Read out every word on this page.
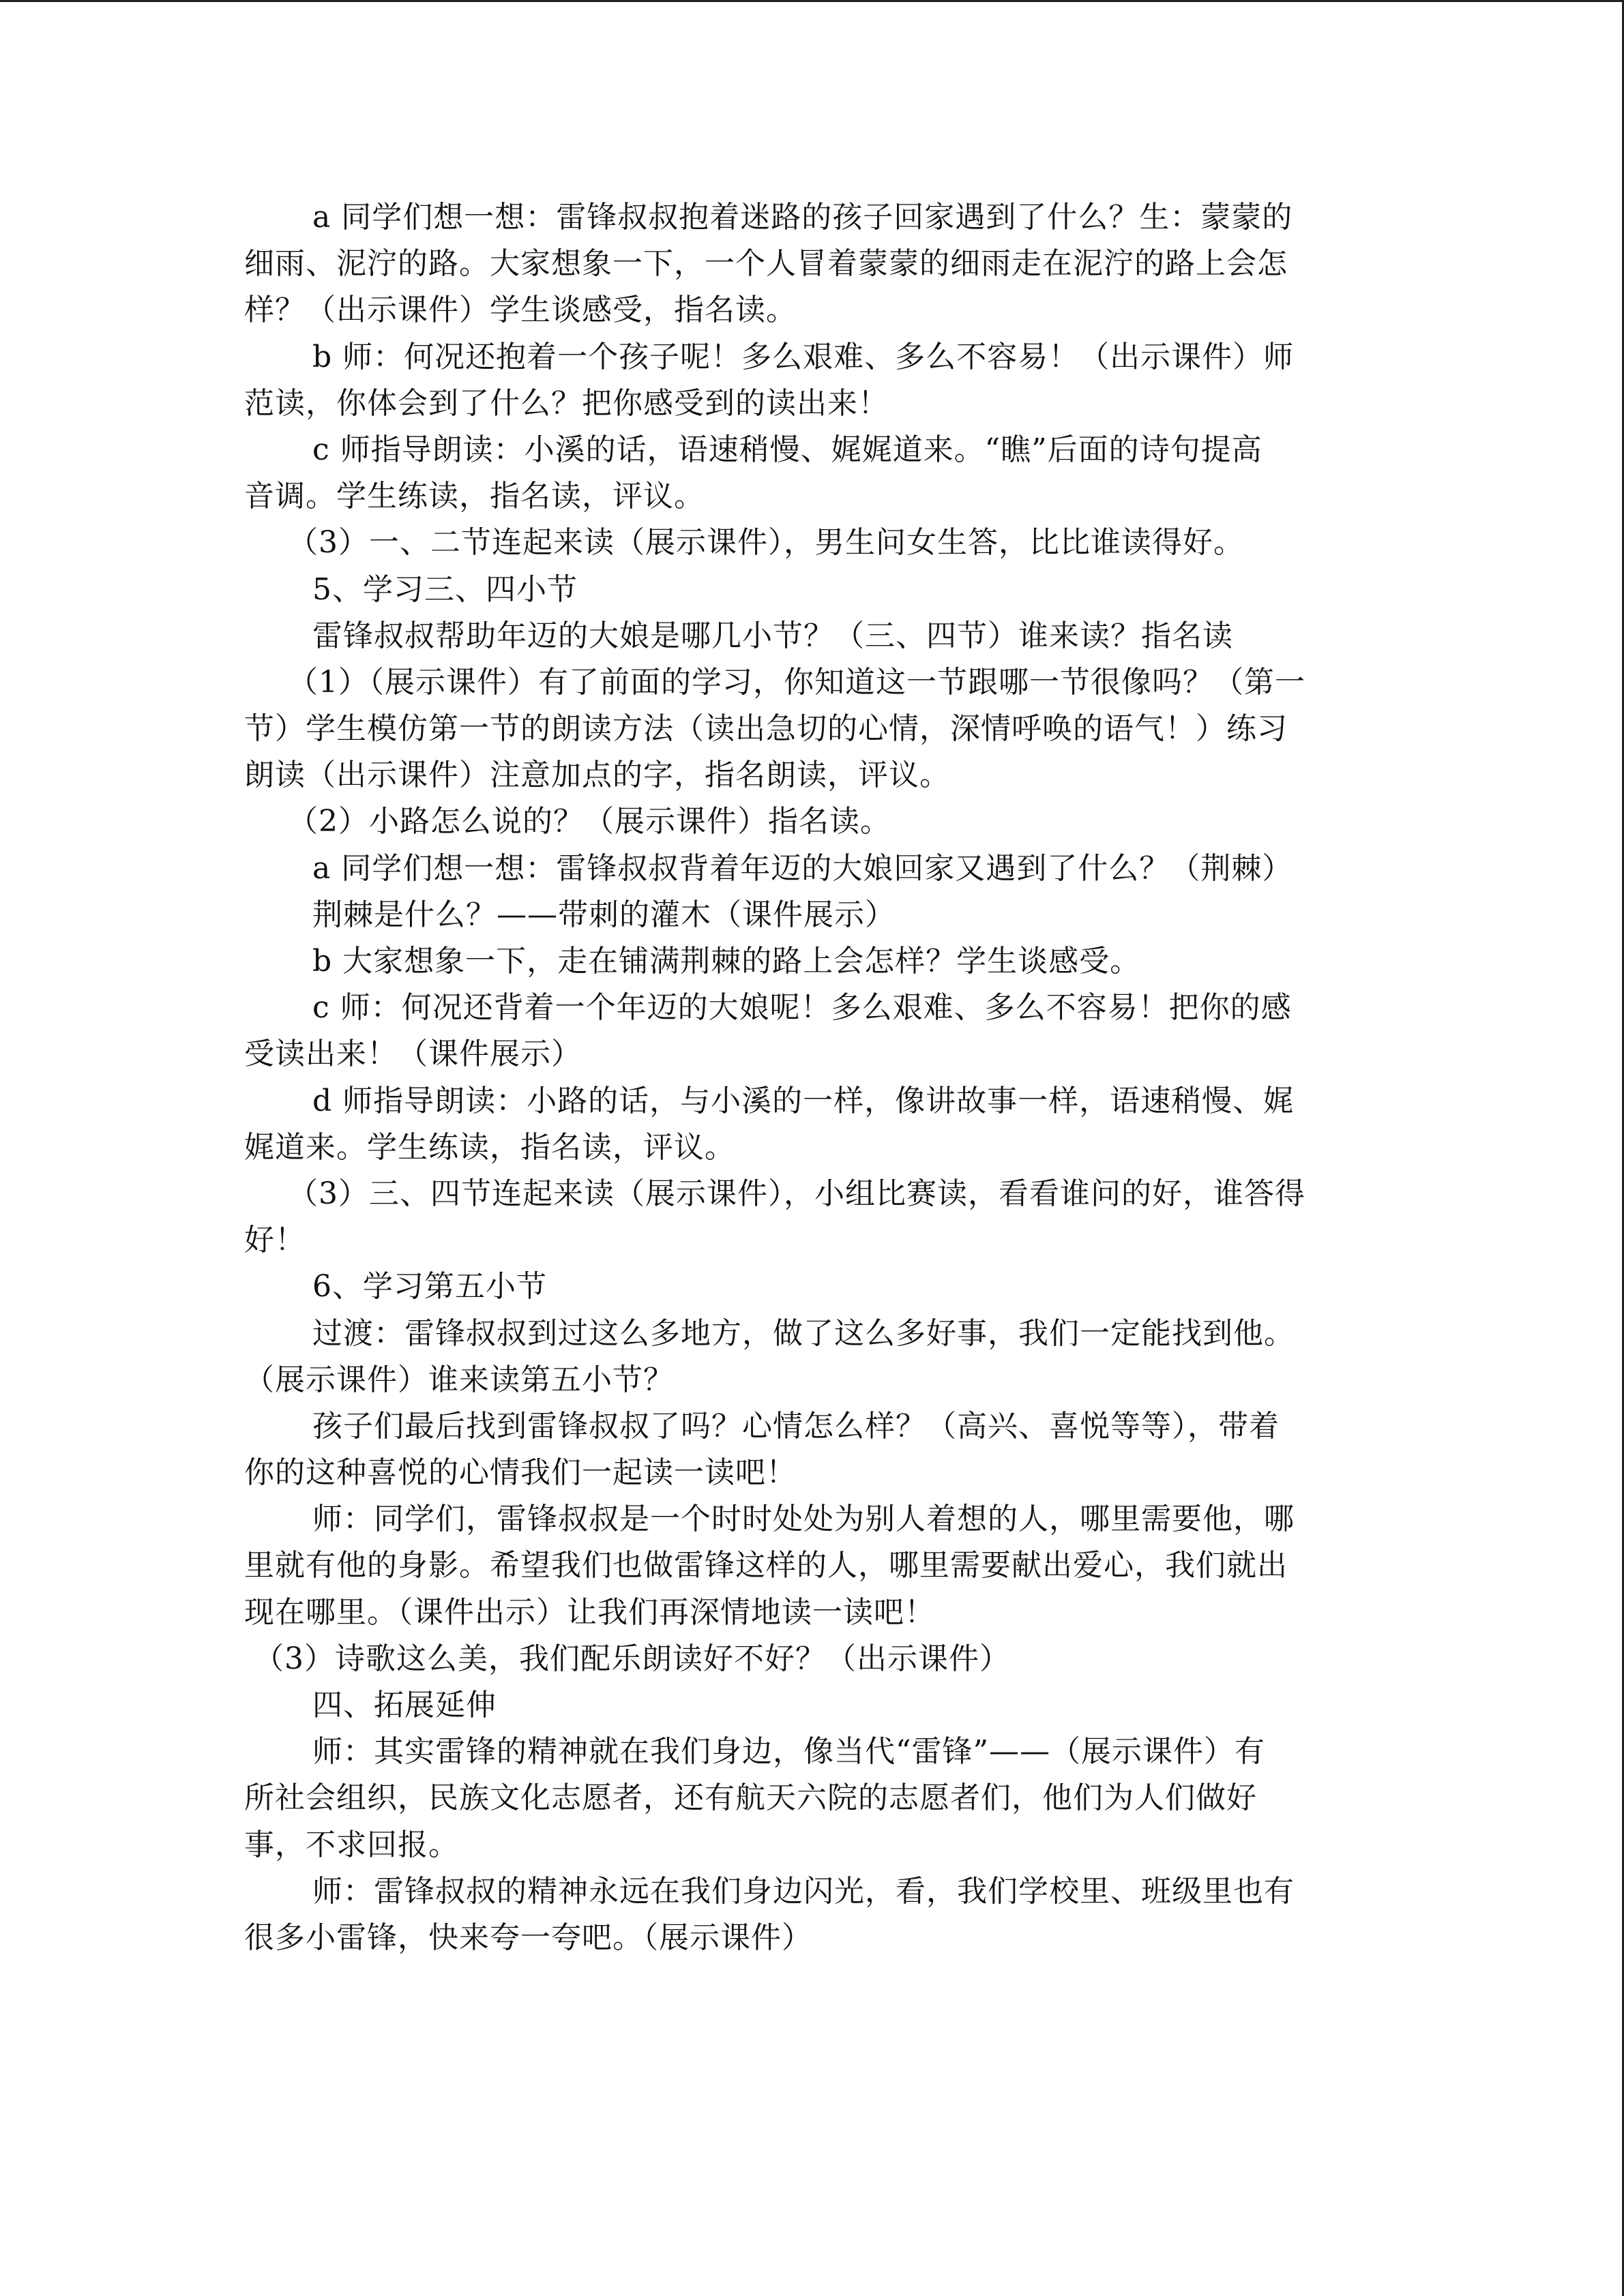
a 同学们想一想：雷锋叔叔抱着迷路的孩子回家遇到了什么？生：蒙蒙的
细雨、泥泞的路。大家想象一下，一个人冒着蒙蒙的细雨走在泥泞的路上会怎
样？（出示课件）学生谈感受，指名读。
b 师：何况还抱着一个孩子呢！多么艰难、多么不容易！（出示课件）师
范读，你体会到了什么？把你感受到的读出来！
c 师指导朗读：小溪的话，语速稍慢、娓娓道来。“瞧”后面的诗句提高
音调。学生练读，指名读，评议。
（3）一、二节连起来读（展示课件），男生问女生答，比比谁读得好。
5、学习三、四小节
雷锋叔叔帮助年迈的大娘是哪几小节？（三、四节）谁来读？指名读
（1）（展示课件）有了前面的学习，你知道这一节跟哪一节很像吗？（第一
节）学生模仿第一节的朗读方法（读出急切的心情，深情呼唤的语气！）练习
朗读（出示课件）注意加点的字，指名朗读，评议。
（2）小路怎么说的？（展示课件）指名读。
a 同学们想一想：雷锋叔叔背着年迈的大娘回家又遇到了什么？（荆棘）
荆棘是什么？——带刺的灌木（课件展示）
b 大家想象一下，走在铺满荆棘的路上会怎样？学生谈感受。
c 师：何况还背着一个年迈的大娘呢！多么艰难、多么不容易！把你的感
受读出来！（课件展示）
d 师指导朗读：小路的话，与小溪的一样，像讲故事一样，语速稍慢、娓
娓道来。学生练读，指名读，评议。
（3）三、四节连起来读（展示课件），小组比赛读，看看谁问的好，谁答得
好！
6、学习第五小节
过渡：雷锋叔叔到过这么多地方，做了这么多好事，我们一定能找到他。
（展示课件）谁来读第五小节？
孩子们最后找到雷锋叔叔了吗？心情怎么样？（高兴、喜悦等等），带着
你的这种喜悦的心情我们一起读一读吧！
师：同学们，雷锋叔叔是一个时时处处为别人着想的人，哪里需要他，哪
里就有他的身影。希望我们也做雷锋这样的人，哪里需要献出爱心，我们就出
现在哪里。（课件出示）让我们再深情地读一读吧！
（3）诗歌这么美，我们配乐朗读好不好？（出示课件）
四、拓展延伸
师：其实雷锋的精神就在我们身边，像当代“雷锋”——（展示课件）有
所社会组织，民族文化志愿者，还有航天六院的志愿者们，他们为人们做好
事，不求回报。
师：雷锋叔叔的精神永远在我们身边闪光，看，我们学校里、班级里也有
很多小雷锋，快来夸一夸吧。（展示课件）
